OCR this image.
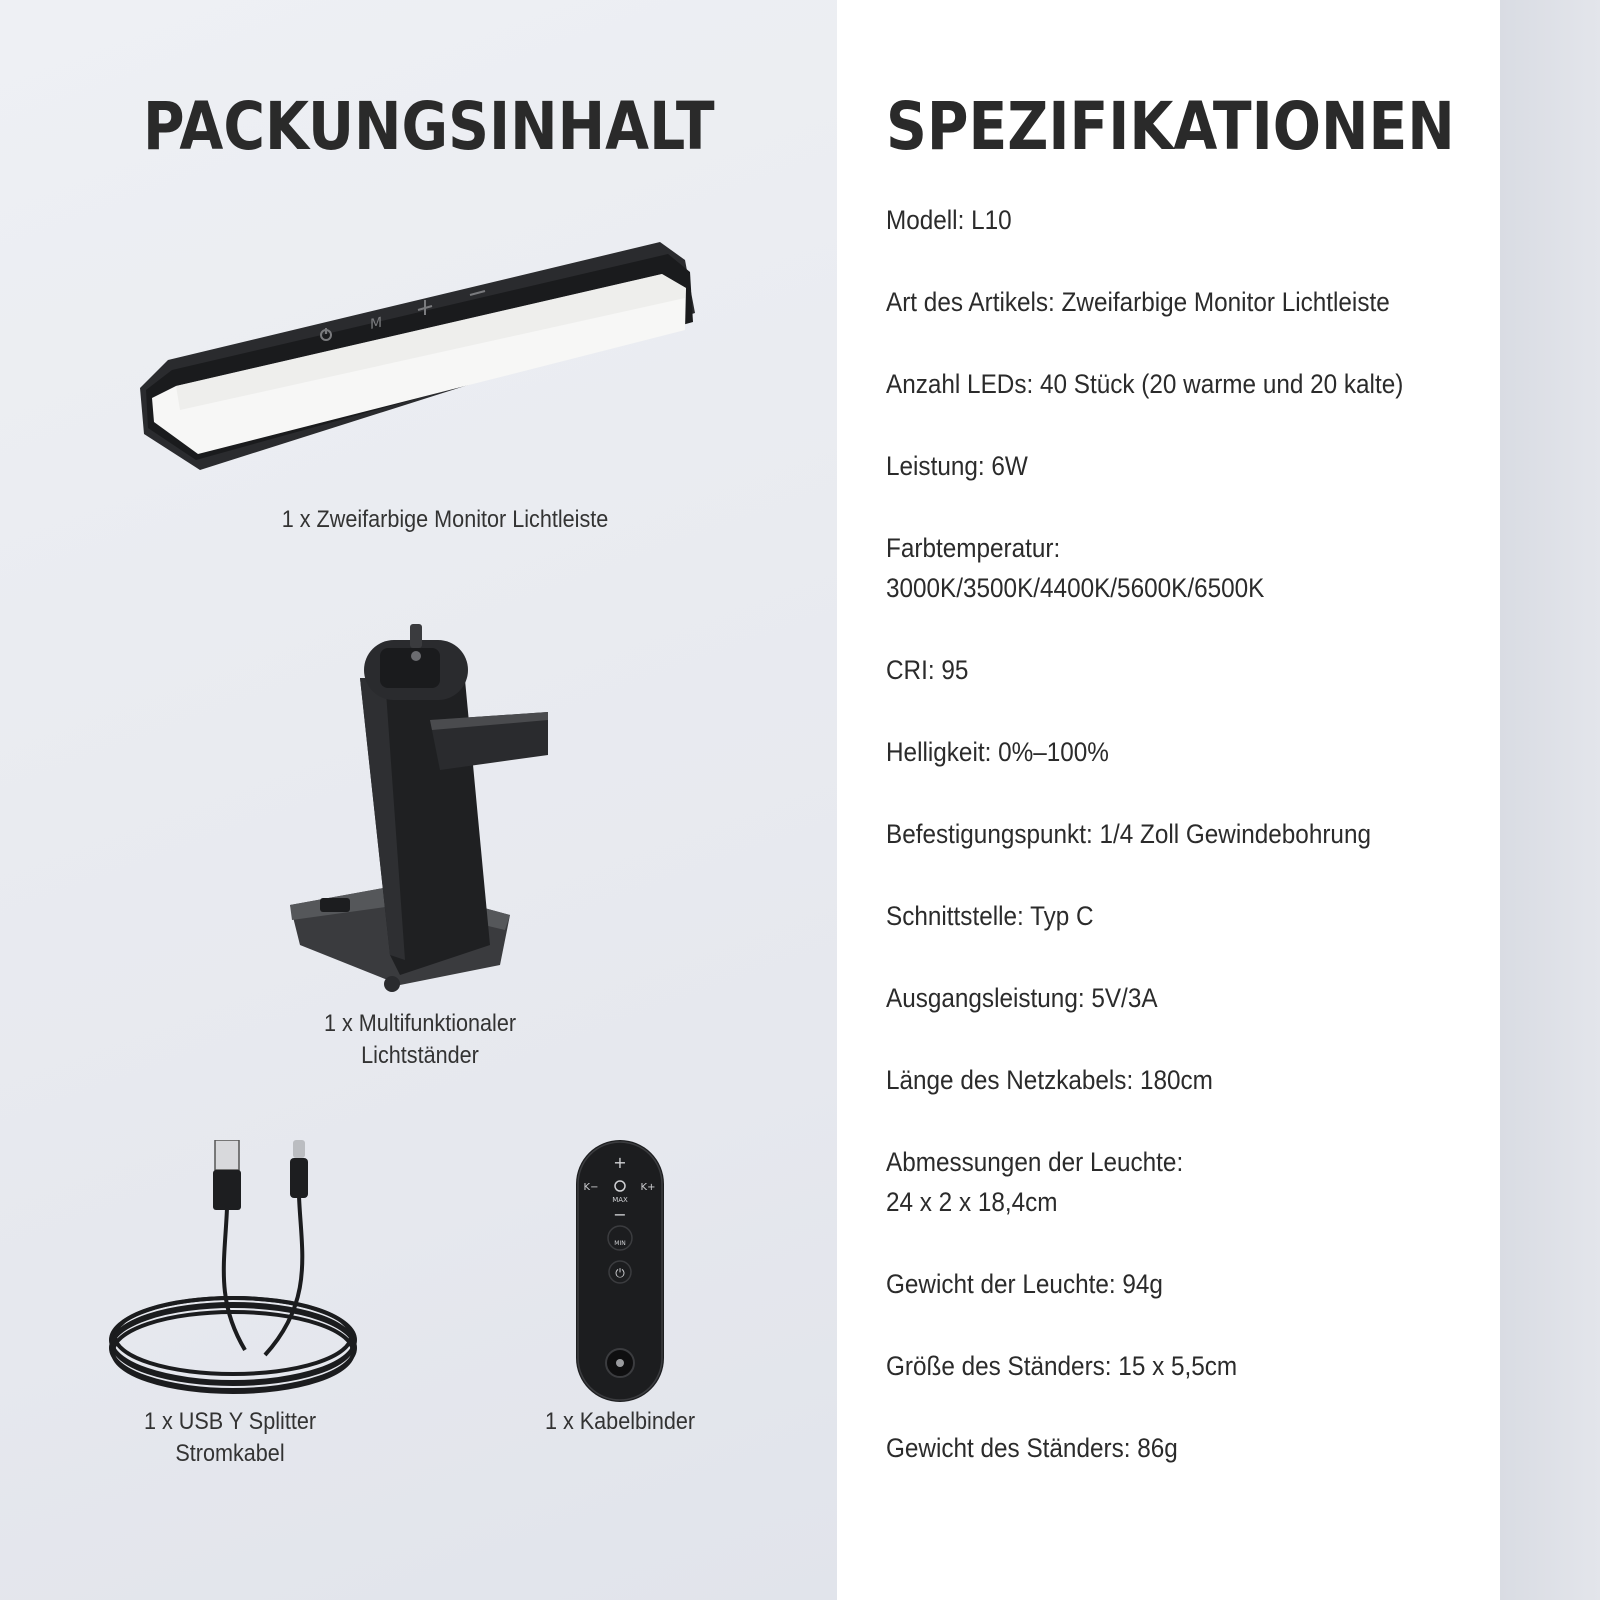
PACKUNGSINHALT	SPEZIFIKATIONEN
M
1 x Zweifarbige Monitor Lichtleiste
1 x Multifunktionaler
Lichtständer
1 x USB Y Splitter
Stromkabel
+
K−	K+
MAX
−
MIN
⏻
1 x Kabelbinder
Modell: L10
Art des Artikels: Zweifarbige Monitor Lichtleiste
Anzahl LEDs: 40 Stück (20 warme und 20 kalte)
Leistung: 6W
Farbtemperatur:
3000K/3500K/4400K/5600K/6500K
CRI: 95
Helligkeit: 0%–100%
Befestigungspunkt: 1/4 Zoll Gewindebohrung
Schnittstelle: Typ C
Ausgangsleistung: 5V/3A
Länge des Netzkabels: 180cm
Abmessungen der Leuchte:
24 x 2 x 18,4cm
Gewicht der Leuchte: 94g
Größe des Ständers: 15 x 5,5cm
Gewicht des Ständers: 86g
